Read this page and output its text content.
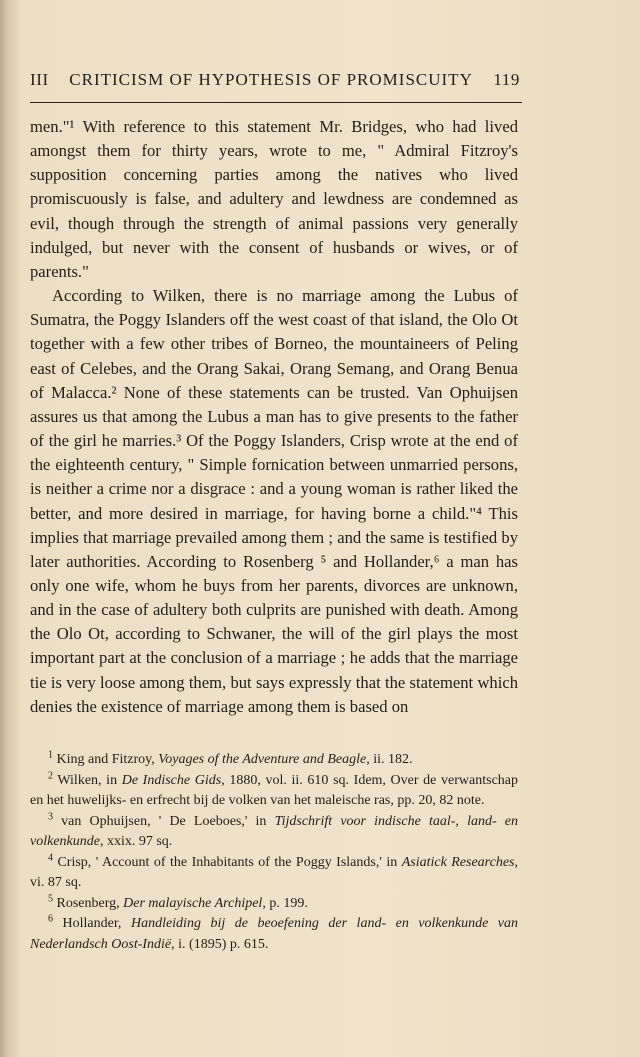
III CRITICISM OF HYPOTHESIS OF PROMISCUITY 119

men."¹ With reference to this statement Mr. Bridges, who had lived amongst them for thirty years, wrote to me, " Admiral Fitzroy's supposition concerning parties among the natives who lived promiscuously is false, and adultery and lewdness are condemned as evil, though through the strength of animal passions very generally indulged, but never with the consent of husbands or wives, or of parents."

According to Wilken, there is no marriage among the Lubus of Sumatra, the Poggy Islanders off the west coast of that island, the Olo Ot together with a few other tribes of Borneo, the mountaineers of Peling east of Celebes, and the Orang Sakai, Orang Semang, and Orang Benua of Malacca.² None of these statements can be trusted. Van Ophuijsen assures us that among the Lubus a man has to give presents to the father of the girl he marries.³ Of the Poggy Islanders, Crisp wrote at the end of the eighteenth century, " Simple fornication between unmarried persons, is neither a crime nor a disgrace : and a young woman is rather liked the better, and more desired in marriage, for having borne a child."⁴ This implies that marriage prevailed among them ; and the same is testified by later authorities. According to Rosenberg ⁵ and Hollander,⁶ a man has only one wife, whom he buys from her parents, divorces are unknown, and in the case of adultery both culprits are punished with death. Among the Olo Ot, according to Schwaner, the will of the girl plays the most important part at the conclusion of a marriage ; he adds that the marriage tie is very loose among them, but says expressly that the statement which denies the existence of marriage among them is based on

$^1$ King and Fitzroy, Voyages of the Adventure and Beagle, ii. 182.

$^2$ Wilken, in De Indische Gids, 1880, vol. ii. 610 sq. Idem, Over de verwantschap en het huwelijks- en erfrecht bij de volken van het maleische ras, pp. 20, 82 note.

$^3$ van Ophuijsen, ' De Loeboes,' in Tijdschrift voor indische taal-, land- en volkenkunde, xxix. 97 sq.

$^4$ Crisp, ' Account of the Inhabitants of the Poggy Islands,' in Asiatick Researches, vi. 87 sq.

$^5$ Rosenberg, Der malayische Archipel, p. 199.

$^6$ Hollander, Handleiding bij de beoefening der land- en volkenkunde van Nederlandsch Oost-Indië, i. (1895) p. 615.
